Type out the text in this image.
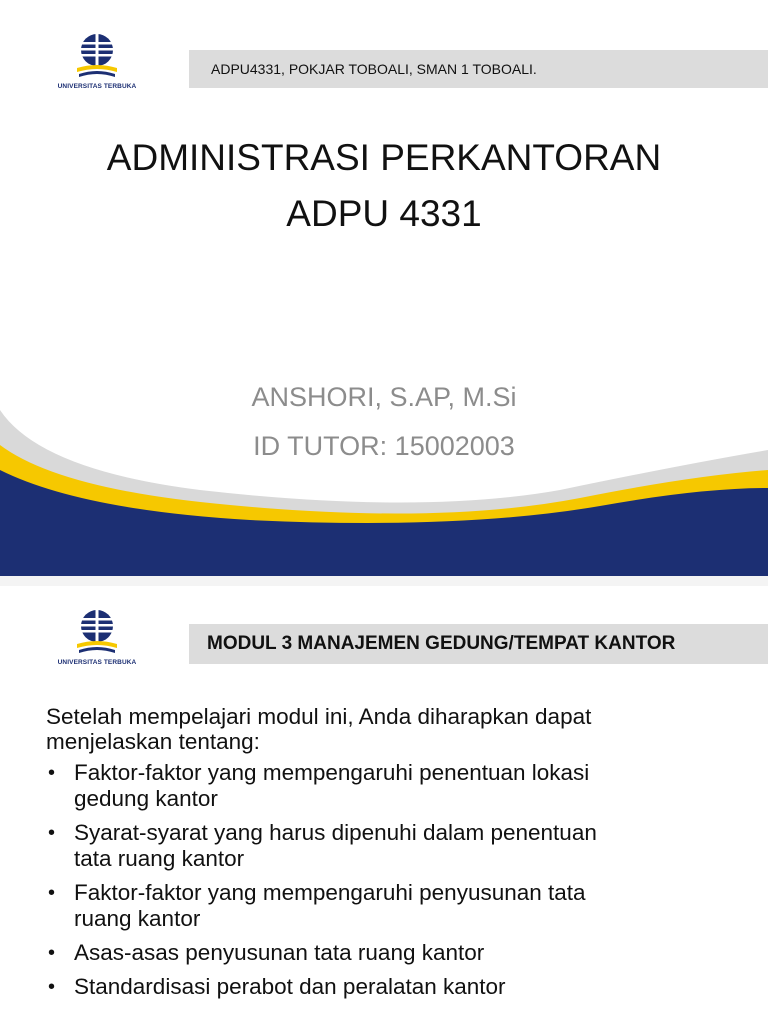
UNIVERSITAS TERBUKA
ADPU4331, POKJAR TOBOALI, SMAN 1 TOBOALI.
ADMINISTRASI PERKANTORAN
ADPU 4331
ANSHORI, S.AP, M.Si
ID TUTOR: 15002003
UNIVERSITAS TERBUKA
MODUL 3 MANAJEMEN GEDUNG/TEMPAT KANTOR

Setelah mempelajari modul ini, Anda diharapkan dapat
menjelaskan tentang:

• Faktor-faktor yang mempengaruhi penentuan lokasi
gedung kantor
• Syarat-syarat yang harus dipenuhi dalam penentuan
tata ruang kantor
• Faktor-faktor yang mempengaruhi penyusunan tata
ruang kantor
• Asas-asas penyusunan tata ruang kantor
• Standardisasi perabot dan peralatan kantor
